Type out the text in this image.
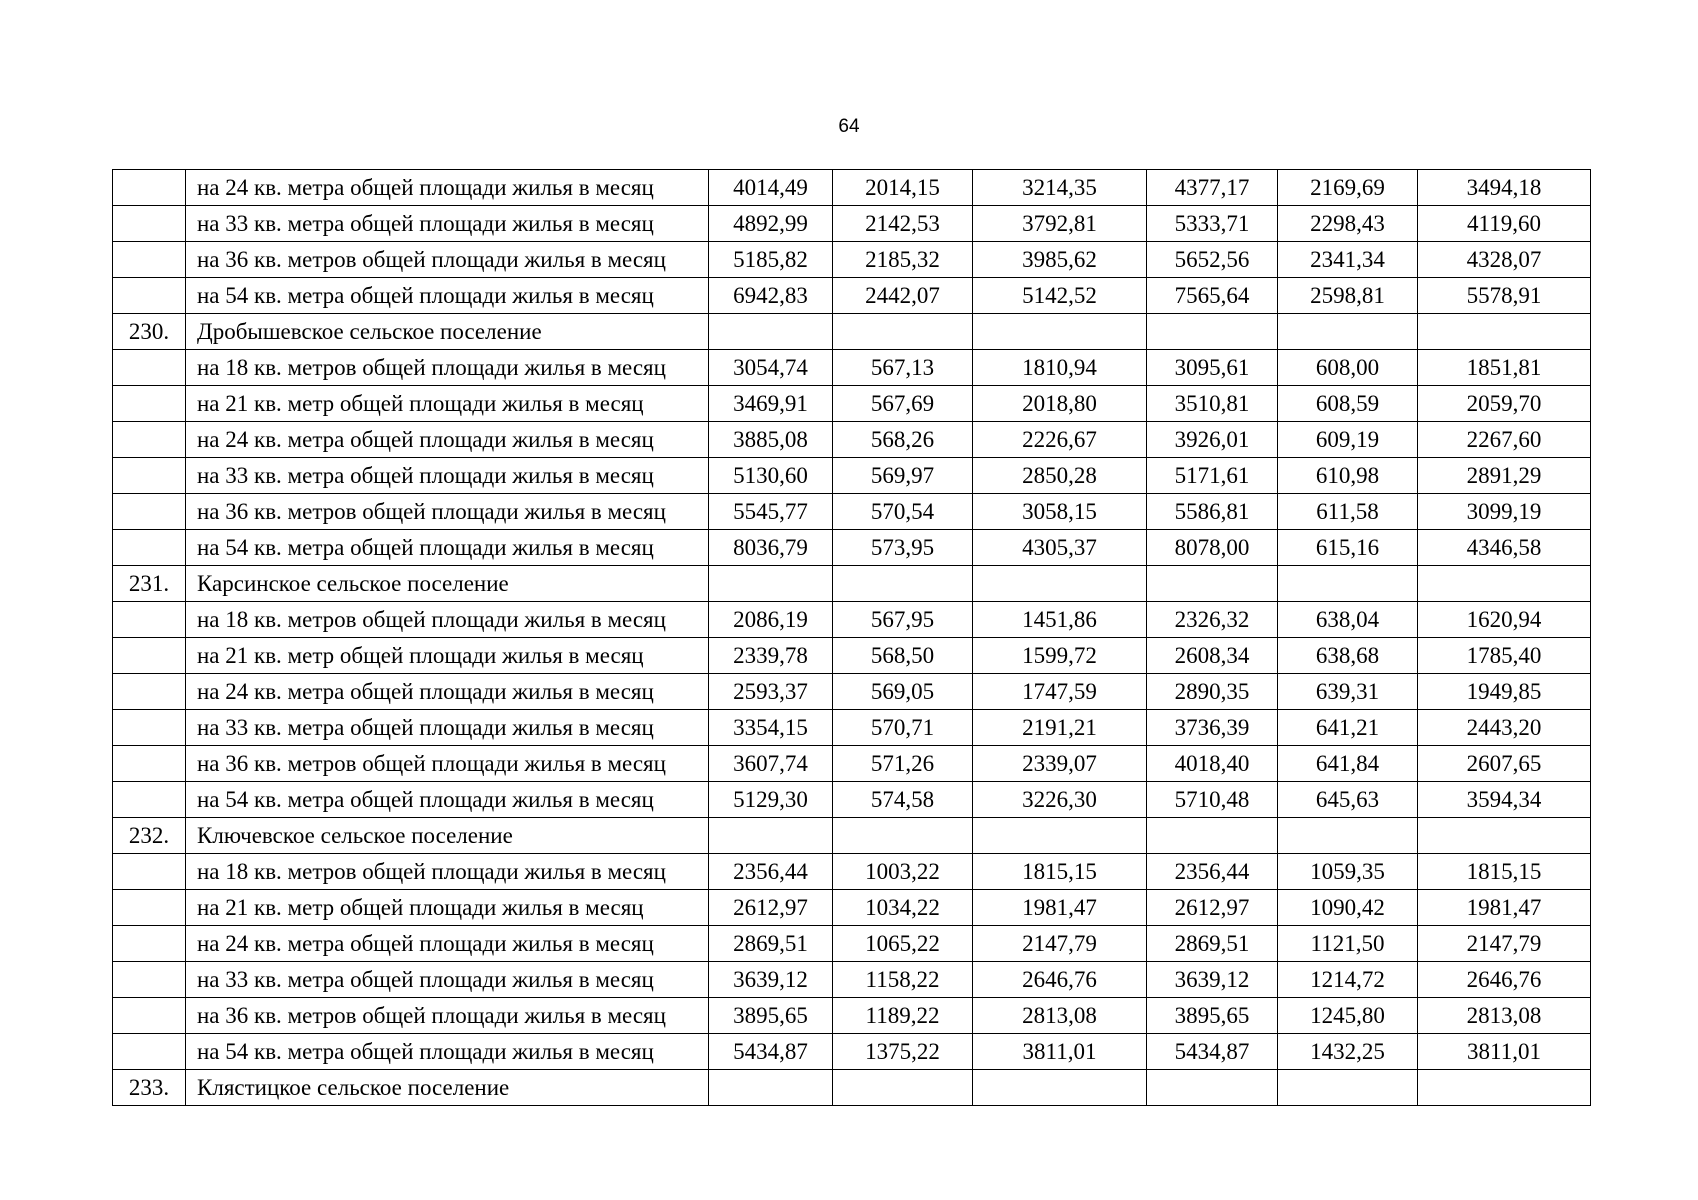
64
	на 24 кв. метра общей площади жилья в месяц	4014,49	2014,15	3214,35	4377,17	2169,69	3494,18
	на 33 кв. метра общей площади жилья в месяц	4892,99	2142,53	3792,81	5333,71	2298,43	4119,60
	на 36 кв. метров общей площади жилья в месяц	5185,82	2185,32	3985,62	5652,56	2341,34	4328,07
	на 54 кв. метра общей площади жилья в месяц	6942,83	2442,07	5142,52	7565,64	2598,81	5578,91
230.	Дробышевское сельское поселение						
	на 18 кв. метров общей площади жилья в месяц	3054,74	567,13	1810,94	3095,61	608,00	1851,81
	на 21 кв. метр общей площади жилья в месяц	3469,91	567,69	2018,80	3510,81	608,59	2059,70
	на 24 кв. метра общей площади жилья в месяц	3885,08	568,26	2226,67	3926,01	609,19	2267,60
	на 33 кв. метра общей площади жилья в месяц	5130,60	569,97	2850,28	5171,61	610,98	2891,29
	на 36 кв. метров общей площади жилья в месяц	5545,77	570,54	3058,15	5586,81	611,58	3099,19
	на 54 кв. метра общей площади жилья в месяц	8036,79	573,95	4305,37	8078,00	615,16	4346,58
231.	Карсинское сельское поселение						
	на 18 кв. метров общей площади жилья в месяц	2086,19	567,95	1451,86	2326,32	638,04	1620,94
	на 21 кв. метр общей площади жилья в месяц	2339,78	568,50	1599,72	2608,34	638,68	1785,40
	на 24 кв. метра общей площади жилья в месяц	2593,37	569,05	1747,59	2890,35	639,31	1949,85
	на 33 кв. метра общей площади жилья в месяц	3354,15	570,71	2191,21	3736,39	641,21	2443,20
	на 36 кв. метров общей площади жилья в месяц	3607,74	571,26	2339,07	4018,40	641,84	2607,65
	на 54 кв. метра общей площади жилья в месяц	5129,30	574,58	3226,30	5710,48	645,63	3594,34
232.	Ключевское сельское поселение						
	на 18 кв. метров общей площади жилья в месяц	2356,44	1003,22	1815,15	2356,44	1059,35	1815,15
	на 21 кв. метр общей площади жилья в месяц	2612,97	1034,22	1981,47	2612,97	1090,42	1981,47
	на 24 кв. метра общей площади жилья в месяц	2869,51	1065,22	2147,79	2869,51	1121,50	2147,79
	на 33 кв. метра общей площади жилья в месяц	3639,12	1158,22	2646,76	3639,12	1214,72	2646,76
	на 36 кв. метров общей площади жилья в месяц	3895,65	1189,22	2813,08	3895,65	1245,80	2813,08
	на 54 кв. метра общей площади жилья в месяц	5434,87	1375,22	3811,01	5434,87	1432,25	3811,01
233.	Клястицкое сельское поселение						
